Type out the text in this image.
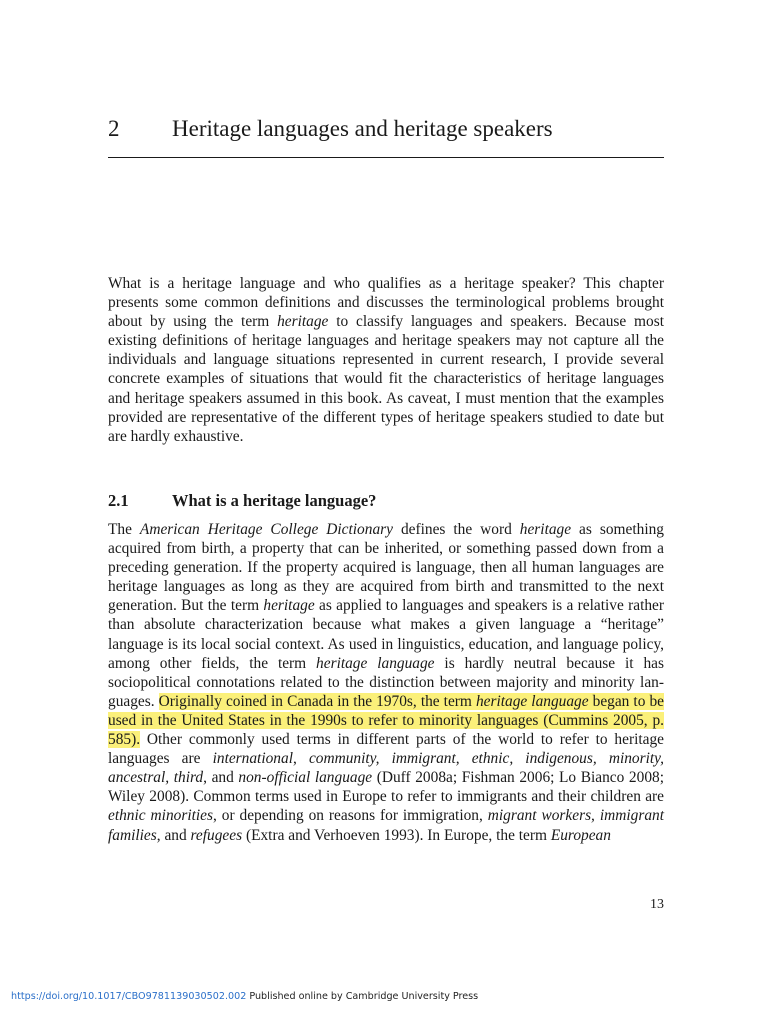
2 Heritage languages and heritage speakers
What is a heritage language and who qualifies as a heritage speaker? This chapter presents some common definitions and discusses the terminological problems brought about by using the term heritage to classify languages and speakers. Because most existing definitions of heritage languages and heritage speakers may not capture all the individuals and language situations represented in current research, I provide several concrete examples of situations that would fit the characteristics of heritage languages and heritage speakers assumed in this book. As caveat, I must mention that the examples provided are representative of the different types of heritage speakers studied to date but are hardly exhaustive.
2.1	What is a heritage language?
The American Heritage College Dictionary defines the word heritage as something acquired from birth, a property that can be inherited, or something passed down from a preceding generation. If the property acquired is language, then all human languages are heritage languages as long as they are acquired from birth and transmitted to the next generation. But the term heritage as applied to languages and speakers is a relative rather than absolute characterization because what makes a given language a “heritage” language is its local social context. As used in linguistics, education, and language policy, among other fields, the term heritage language is hardly neutral because it has sociopolitical connotations related to the distinction between majority and minority languages. Originally coined in Canada in the 1970s, the term heritage language began to be used in the United States in the 1990s to refer to minority languages (Cummins 2005, p. 585). Other commonly used terms in different parts of the world to refer to heritage languages are international, community, immigrant, ethnic, indigenous, minority, ancestral, third, and non-official language (Duff 2008a; Fishman 2006; Lo Bianco 2008; Wiley 2008). Common terms used in Europe to refer to immigrants and their children are ethnic minorities, or depending on reasons for immigration, migrant workers, immigrant families, and refugees (Extra and Verhoeven 1993). In Europe, the term European
13
https://doi.org/10.1017/CBO9781139030502.002 Published online by Cambridge University Press
